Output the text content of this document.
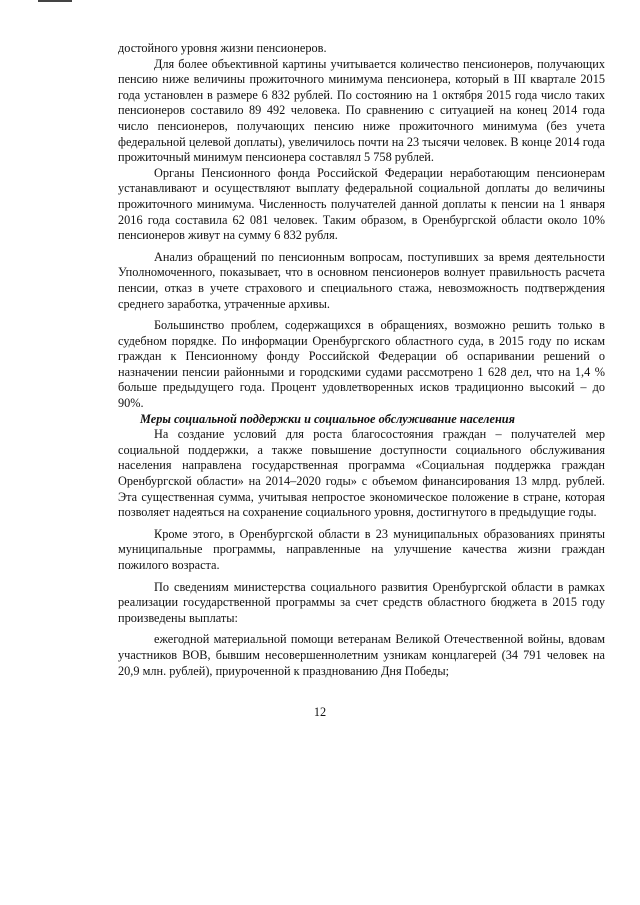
достойного уровня жизни пенсионеров.

Для более объективной картины учитывается количество пенсионеров, получающих пенсию ниже величины прожиточного минимума пенсионера, который в III квартале 2015 года установлен в размере 6 832 рублей. По состоянию на 1 октября 2015 года число таких пенсионеров составило 89 492 человека. По сравнению с ситуацией на конец 2014 года число пенсионеров, получающих пенсию ниже прожиточного минимума (без учета федеральной целевой доплаты), увеличилось почти на 23 тысячи человек. В конце 2014 года прожиточный минимум пенсионера составлял 5 758 рублей.

Органы Пенсионного фонда Российской Федерации неработающим пенсионерам устанавливают и осуществляют выплату федеральной социальной доплаты до величины прожиточного минимума. Численность получателей данной доплаты к пенсии на 1 января 2016 года составила 62 081 человек. Таким образом, в Оренбургской области около 10% пенсионеров живут на сумму 6 832 рубля.

Анализ обращений по пенсионным вопросам, поступивших за время деятельности Уполномоченного, показывает, что в основном пенсионеров волнует правильность расчета пенсии, отказ в учете страхового и специального стажа, невозможность подтверждения среднего заработка, утраченные архивы.

Большинство проблем, содержащихся в обращениях, возможно решить только в судебном порядке. По информации Оренбургского областного суда, в 2015 году по искам граждан к Пенсионному фонду Российской Федерации об оспаривании решений о назначении пенсии районными и городскими судами рассмотрено 1 628 дел, что на 1,4 % больше предыдущего года. Процент удовлетворенных исков традиционно высокий – до 90%.

Меры социальной поддержки и социальное обслуживание населения

На создание условий для роста благосостояния граждан – получателей мер социальной поддержки, а также повышение доступности социального обслуживания населения направлена государственная программа «Социальная поддержка граждан Оренбургской области» на 2014–2020 годы» с объемом финансирования 13 млрд. рублей. Эта существенная сумма, учитывая непростое экономическое положение в стране, которая позволяет надеяться на сохранение социального уровня, достигнутого в предыдущие годы.

Кроме этого, в Оренбургской области в 23 муниципальных образованиях приняты муниципальные программы, направленные на улучшение качества жизни граждан пожилого возраста.

По сведениям министерства социального развития Оренбургской области в рамках реализации государственной программы за счет средств областного бюджета в 2015 году произведены выплаты:

ежегодной материальной помощи ветеранам Великой Отечественной войны, вдовам участников ВОВ, бывшим несовершеннолетним узникам концлагерей (34 791 человек на 20,9 млн. рублей), приуроченной к празднованию Дня Победы;

12
